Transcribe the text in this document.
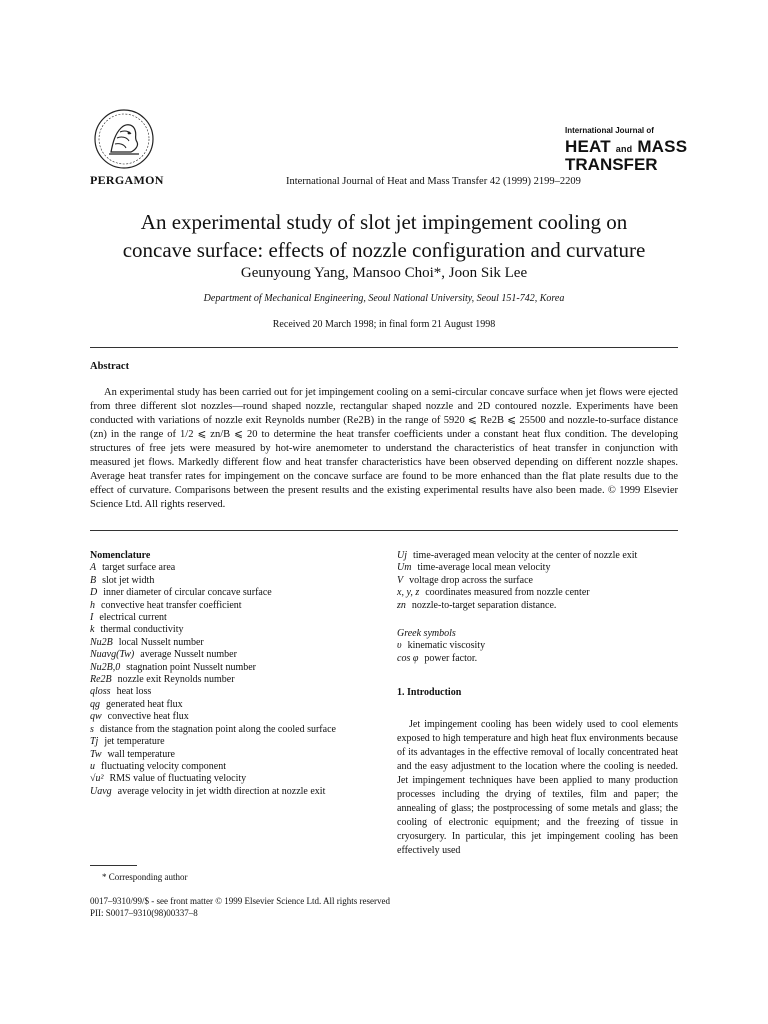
PERGAMON	International Journal of Heat and Mass Transfer 42 (1999) 2199–2209
International Journal of
HEAT and MASS
TRANSFER
An experimental study of slot jet impingement cooling on
concave surface: effects of nozzle configuration and curvature
Geunyoung Yang, Mansoo Choi*, Joon Sik Lee
Department of Mechanical Engineering, Seoul National University, Seoul 151-742, Korea
Received 20 March 1998; in final form 21 August 1998
Abstract
An experimental study has been carried out for jet impingement cooling on a semi-circular concave surface when jet flows were ejected from three different slot nozzles—round shaped nozzle, rectangular shaped nozzle and 2D contoured nozzle. Experiments have been conducted with variations of nozzle exit Reynolds number (Re2B) in the range of 5920 ⩽ Re2B ⩽ 25500 and nozzle-to-surface distance (zn) in the range of 1/2 ⩽ zn/B ⩽ 20 to determine the heat transfer coefficients under a constant heat flux condition. The developing structures of free jets were measured by hot-wire anemometer to understand the characteristics of heat transfer in conjunction with measured jet flows. Markedly different flow and heat transfer characteristics have been observed depending on different nozzle shapes. Average heat transfer rates for impingement on the concave surface are found to be more enhanced than the flat plate results due to the effect of curvature. Comparisons between the present results and the existing experimental results have also been made. © 1999 Elsevier Science Ltd. All rights reserved.
Nomenclature
A target surface area
B slot jet width
D inner diameter of circular concave surface
h convective heat transfer coefficient
I electrical current
k thermal conductivity
Nu2B local Nusselt number
Nuavg(Tw) average Nusselt number
Nu2B,0 stagnation point Nusselt number
Re2B nozzle exit Reynolds number
qloss heat loss
qg generated heat flux
qw convective heat flux
s distance from the stagnation point along the cooled surface
Tj jet temperature
Tw wall temperature
u fluctuating velocity component
√u² RMS value of fluctuating velocity
Uavg average velocity in jet width direction at nozzle exit
Uj time-averaged mean velocity at the center of nozzle exit
Um time-average local mean velocity
V voltage drop across the surface
x, y, z coordinates measured from nozzle center
zn nozzle-to-target separation distance.
Greek symbols
υ kinematic viscosity
cos φ power factor.
1. Introduction
Jet impingement cooling has been widely used to cool elements exposed to high temperature and high heat flux environments because of its advantages in the effective removal of locally concentrated heat and the easy adjustment to the location where the cooling is needed. Jet impingement techniques have been applied to many production processes including the drying of textiles, film and paper; the annealing of glass; the postprocessing of some metals and glass; the cooling of electronic equipment; and the freezing of tissue in cryosurgery. In particular, this jet impingement cooling has been effectively used
* Corresponding author
0017–9310/99/$ - see front matter © 1999 Elsevier Science Ltd. All rights reserved
PII: S0017–9310(98)00337–8
